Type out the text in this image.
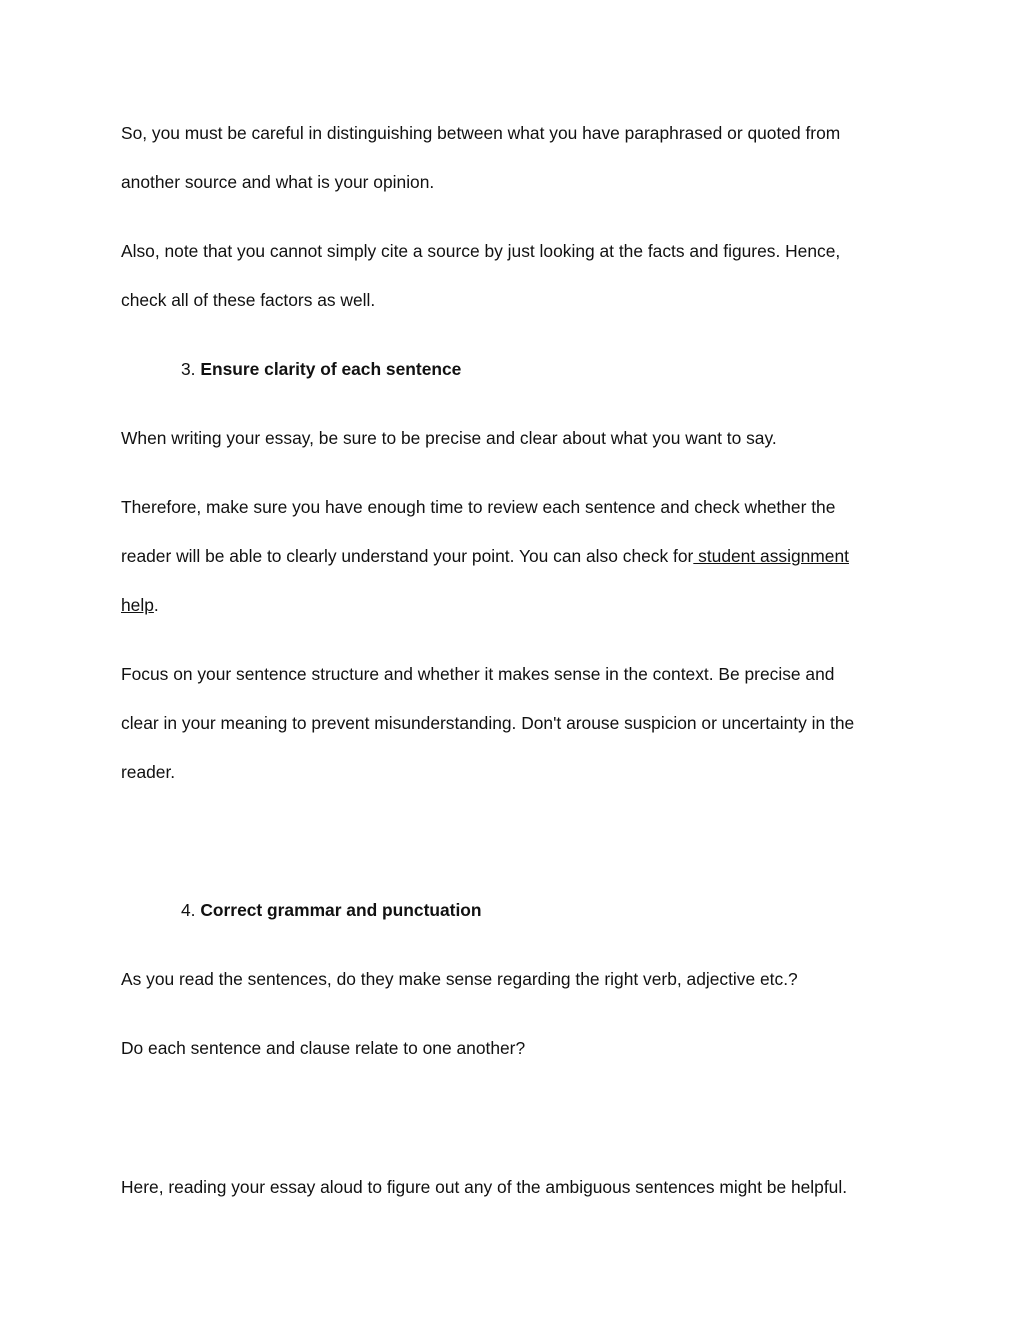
So, you must be careful in distinguishing between what you have paraphrased or quoted from

another source and what is your opinion.

Also, note that you cannot simply cite a source by just looking at the facts and figures. Hence,

check all of these factors as well.

3. Ensure clarity of each sentence

When writing your essay, be sure to be precise and clear about what you want to say.

Therefore, make sure you have enough time to review each sentence and check whether the

reader will be able to clearly understand your point. You can also check for student assignment

help.

Focus on your sentence structure and whether it makes sense in the context. Be precise and

clear in your meaning to prevent misunderstanding. Don't arouse suspicion or uncertainty in the

reader.

4. Correct grammar and punctuation

As you read the sentences, do they make sense regarding the right verb, adjective etc.?

Do each sentence and clause relate to one another?

Here, reading your essay aloud to figure out any of the ambiguous sentences might be helpful.
